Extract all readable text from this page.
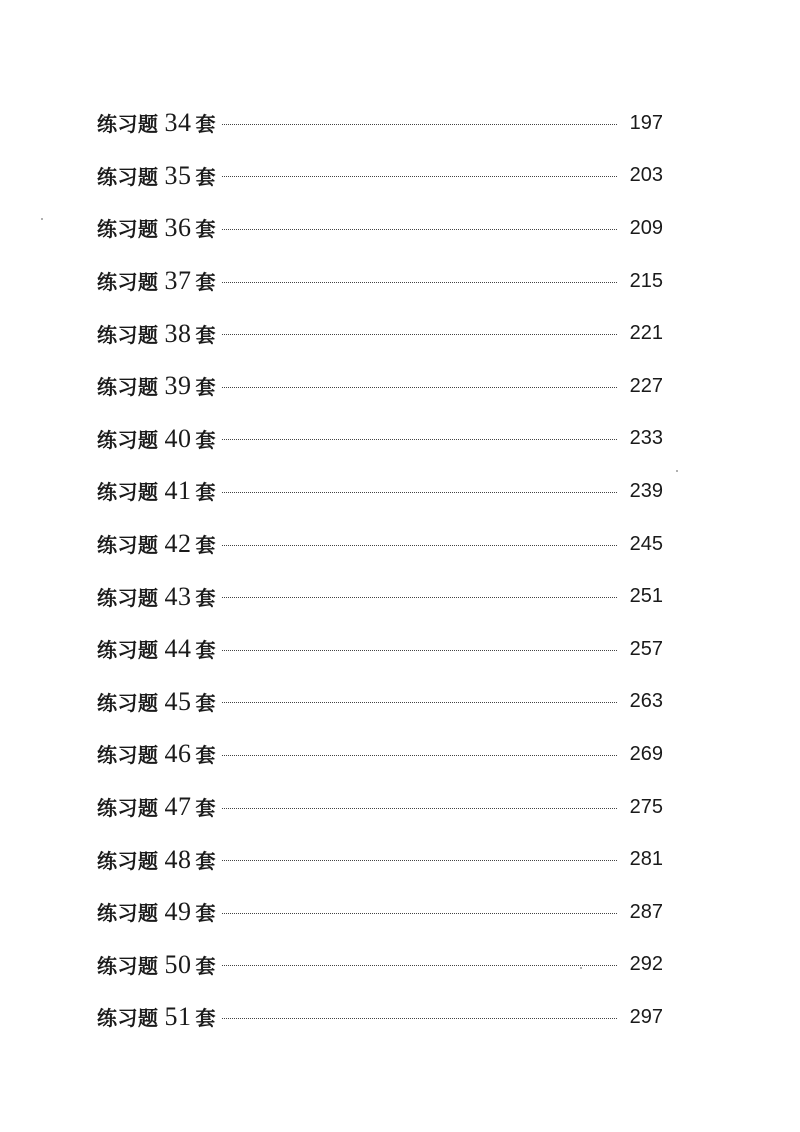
练习题 34 套	197
练习题 35 套	203
练习题 36 套	209
练习题 37 套	215
练习题 38 套	221
练习题 39 套	227
练习题 40 套	233
练习题 41 套	239
练习题 42 套	245
练习题 43 套	251
练习题 44 套	257
练习题 45 套	263
练习题 46 套	269
练习题 47 套	275
练习题 48 套	281
练习题 49 套	287
练习题 50 套	292
练习题 51 套	297
